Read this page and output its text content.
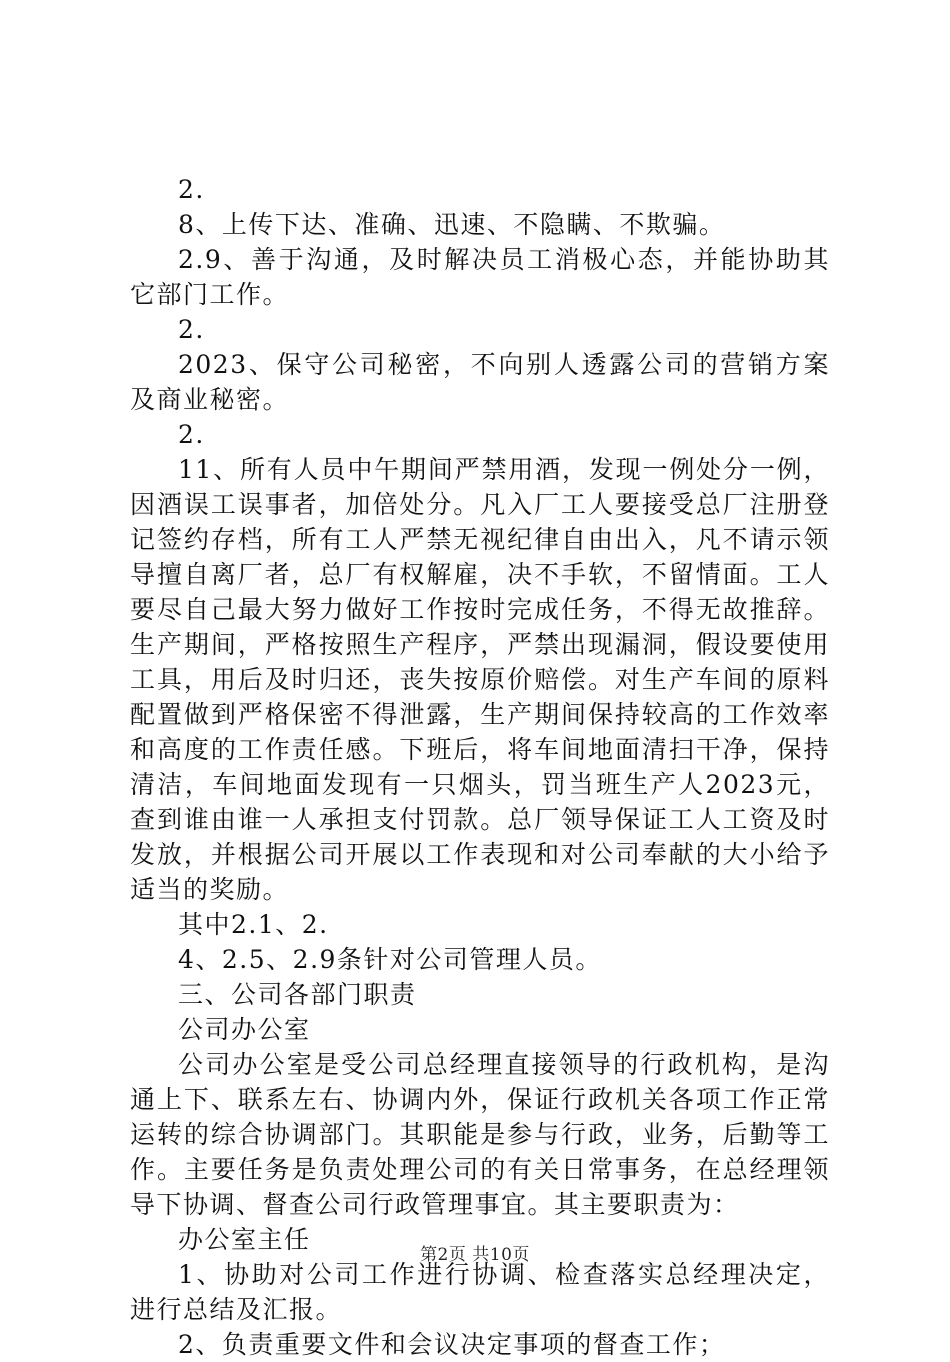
2.

8、上传下达、准确、迅速、不隐瞒、不欺骗。

2.9、善于沟通，及时解决员工消极心态，并能协助其它部门工作。

2.

2023、保守公司秘密，不向别人透露公司的营销方案及商业秘密。

2.

11、所有人员中午期间严禁用酒，发现一例处分一例，因酒误工误事者，加倍处分。凡入厂工人要接受总厂注册登记签约存档，所有工人严禁无视纪律自由出入，凡不请示领导擅自离厂者，总厂有权解雇，决不手软，不留情面。工人要尽自己最大努力做好工作按时完成任务，不得无故推辞。生产期间，严格按照生产程序，严禁出现漏洞，假设要使用工具，用后及时归还，丧失按原价赔偿。对生产车间的原料配置做到严格保密不得泄露，生产期间保持较高的工作效率和高度的工作责任感。下班后，将车间地面清扫干净，保持清洁，车间地面发现有一只烟头，罚当班生产人2023元，查到谁由谁一人承担支付罚款。总厂领导保证工人工资及时发放，并根据公司开展以工作表现和对公司奉献的大小给予适当的奖励。

其中2.1、2.

4、2.5、2.9条针对公司管理人员。

三、公司各部门职责

公司办公室

公司办公室是受公司总经理直接领导的行政机构，是沟通上下、联系左右、协调内外，保证行政机关各项工作正常运转的综合协调部门。其职能是参与行政，业务，后勤等工作。主要任务是负责处理公司的有关日常事务，在总经理领导下协调、督查公司行政管理事宜。其主要职责为：

办公室主任

1、协助对公司工作进行协调、检查落实总经理决定，进行总结及汇报。

2、负责重要文件和会议决定事项的督查工作；

第2页 共10页
